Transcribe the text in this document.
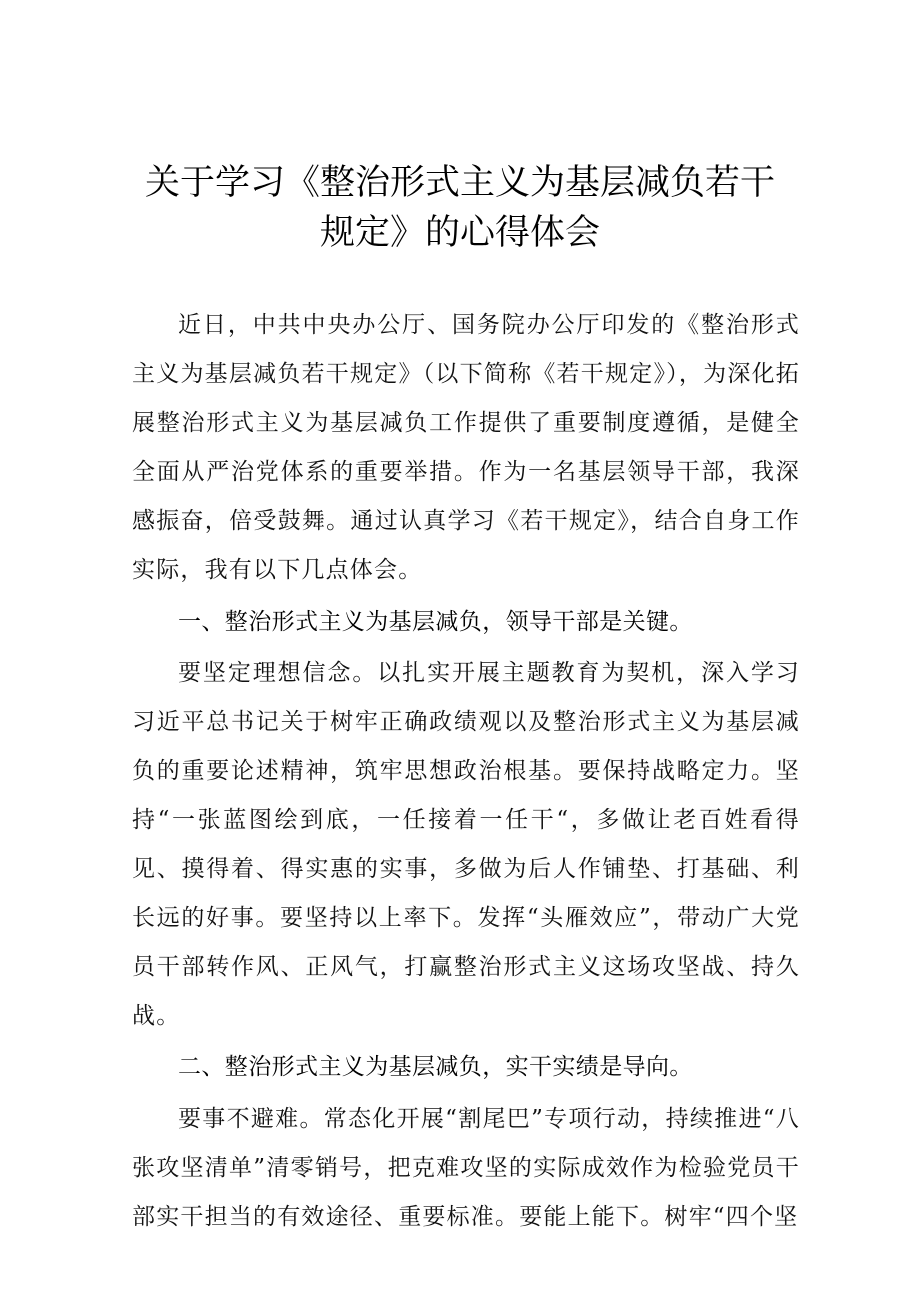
关于学习《整治形式主义为基层减负若干
规定》的心得体会

近日，中共中央办公厅、国务院办公厅印发的《整治形式主义为基层减负若干规定》（以下简称《若干规定》），为深化拓展整治形式主义为基层减负工作提供了重要制度遵循，是健全全面从严治党体系的重要举措。作为一名基层领导干部，我深感振奋，倍受鼓舞。通过认真学习《若干规定》，结合自身工作实际，我有以下几点体会。

一、整治形式主义为基层减负，领导干部是关键。

要坚定理想信念。以扎实开展主题教育为契机，深入学习习近平总书记关于树牢正确政绩观以及整治形式主义为基层减负的重要论述精神，筑牢思想政治根基。要保持战略定力。坚持“一张蓝图绘到底，一任接着一任干“，多做让老百姓看得见、摸得着、得实惠的实事，多做为后人作铺垫、打基础、利长远的好事。要坚持以上率下。发挥“头雁效应”，带动广大党员干部转作风、正风气，打赢整治形式主义这场攻坚战、持久战。

二、整治形式主义为基层减负，实干实绩是导向。

要事不避难。常态化开展“割尾巴”专项行动，持续推进“八张攻坚清单”清零销号，把克难攻坚的实际成效作为检验党员干部实干担当的有效途径、重要标准。要能上能下。树牢“四个坚
